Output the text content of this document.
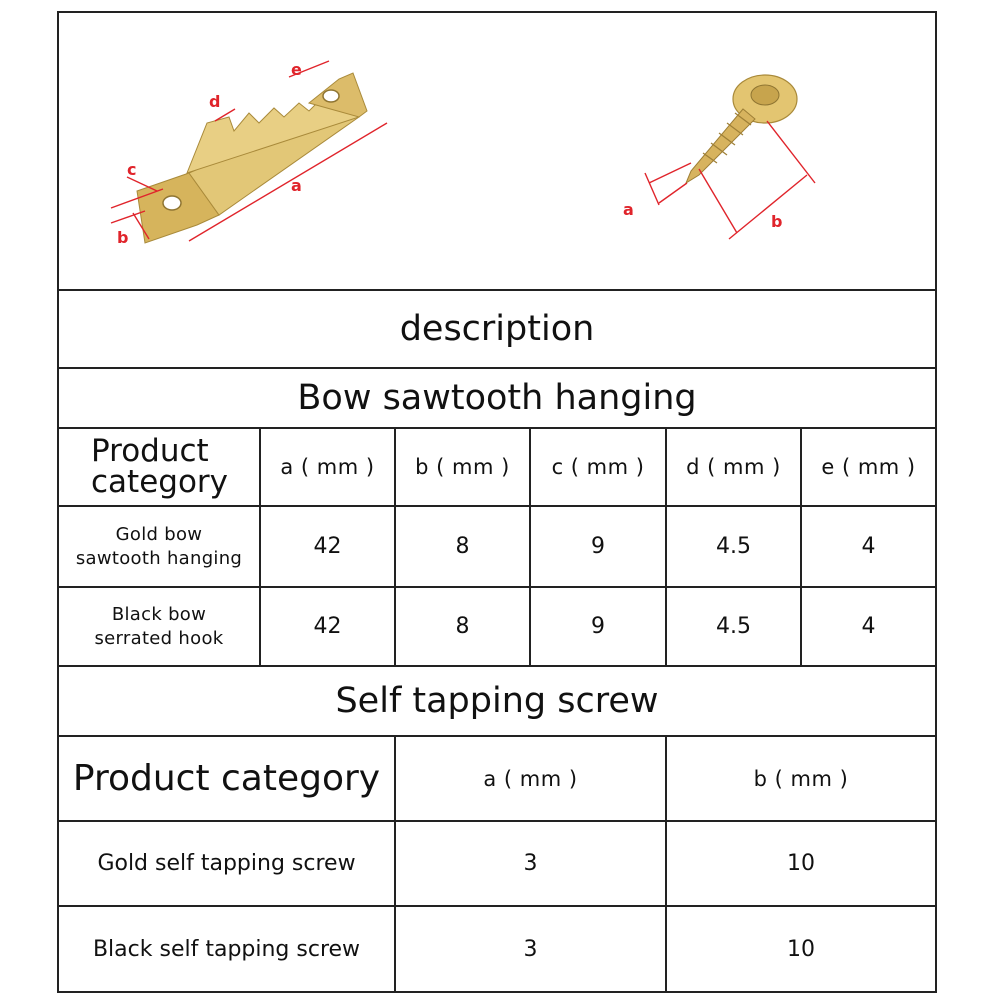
a
b
c
d
e
a
b
description
Bow sawtooth hanging
Product category	a ( mm )	b ( mm )	c ( mm )	d ( mm )	e ( mm )
Gold bow
sawtooth hanging	42	8	9	4.5	4
Black bow
serrated hook	42	8	9	4.5	4
Self tapping screw
Product category	a ( mm )	b ( mm )
Gold self tapping screw	3	10
Black self tapping screw	3	10
